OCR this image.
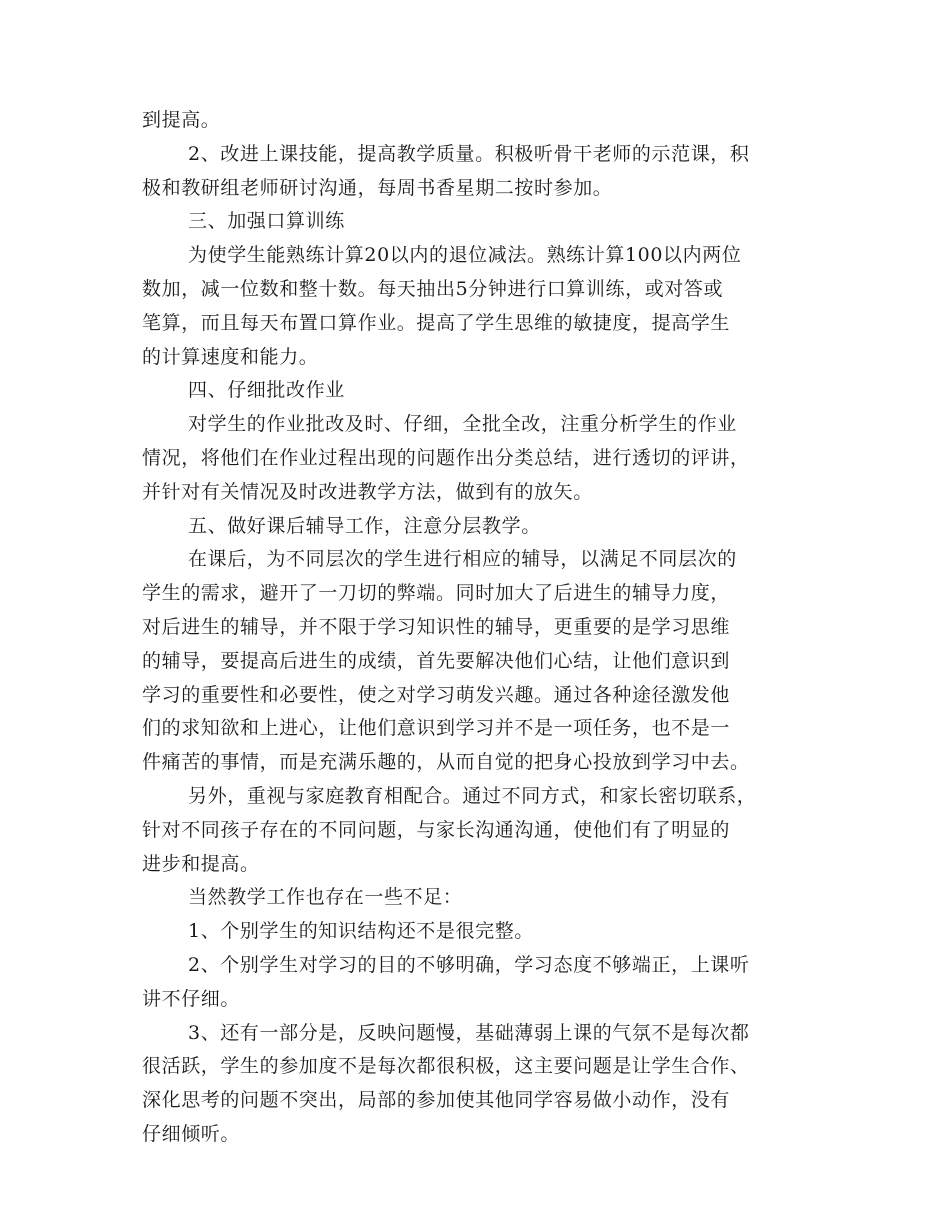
到提高。
2、改进上课技能，提高教学质量。积极听骨干老师的示范课，积
极和教研组老师研讨沟通，每周书香星期二按时参加。
三、加强口算训练
为使学生能熟练计算20以内的退位减法。熟练计算100以内两位
数加，减一位数和整十数。每天抽出5分钟进行口算训练，或对答或
笔算，而且每天布置口算作业。提高了学生思维的敏捷度，提高学生
的计算速度和能力。
四、仔细批改作业
对学生的作业批改及时、仔细，全批全改，注重分析学生的作业
情况，将他们在作业过程出现的问题作出分类总结，进行透切的评讲，
并针对有关情况及时改进教学方法，做到有的放矢。
五、做好课后辅导工作，注意分层教学。
在课后，为不同层次的学生进行相应的辅导，以满足不同层次的
学生的需求，避开了一刀切的弊端。同时加大了后进生的辅导力度，
对后进生的辅导，并不限于学习知识性的辅导，更重要的是学习思维
的辅导，要提高后进生的成绩，首先要解决他们心结，让他们意识到
学习的重要性和必要性，使之对学习萌发兴趣。通过各种途径激发他
们的求知欲和上进心，让他们意识到学习并不是一项任务，也不是一
件痛苦的事情，而是充满乐趣的，从而自觉的把身心投放到学习中去。
另外，重视与家庭教育相配合。通过不同方式，和家长密切联系，
针对不同孩子存在的不同问题，与家长沟通沟通，使他们有了明显的
进步和提高。
当然教学工作也存在一些不足：
1、个别学生的知识结构还不是很完整。
2、个别学生对学习的目的不够明确，学习态度不够端正，上课听
讲不仔细。
3、还有一部分是，反映问题慢，基础薄弱上课的气氛不是每次都
很活跃，学生的参加度不是每次都很积极，这主要问题是让学生合作、
深化思考的问题不突出，局部的参加使其他同学容易做小动作，没有
仔细倾听。
